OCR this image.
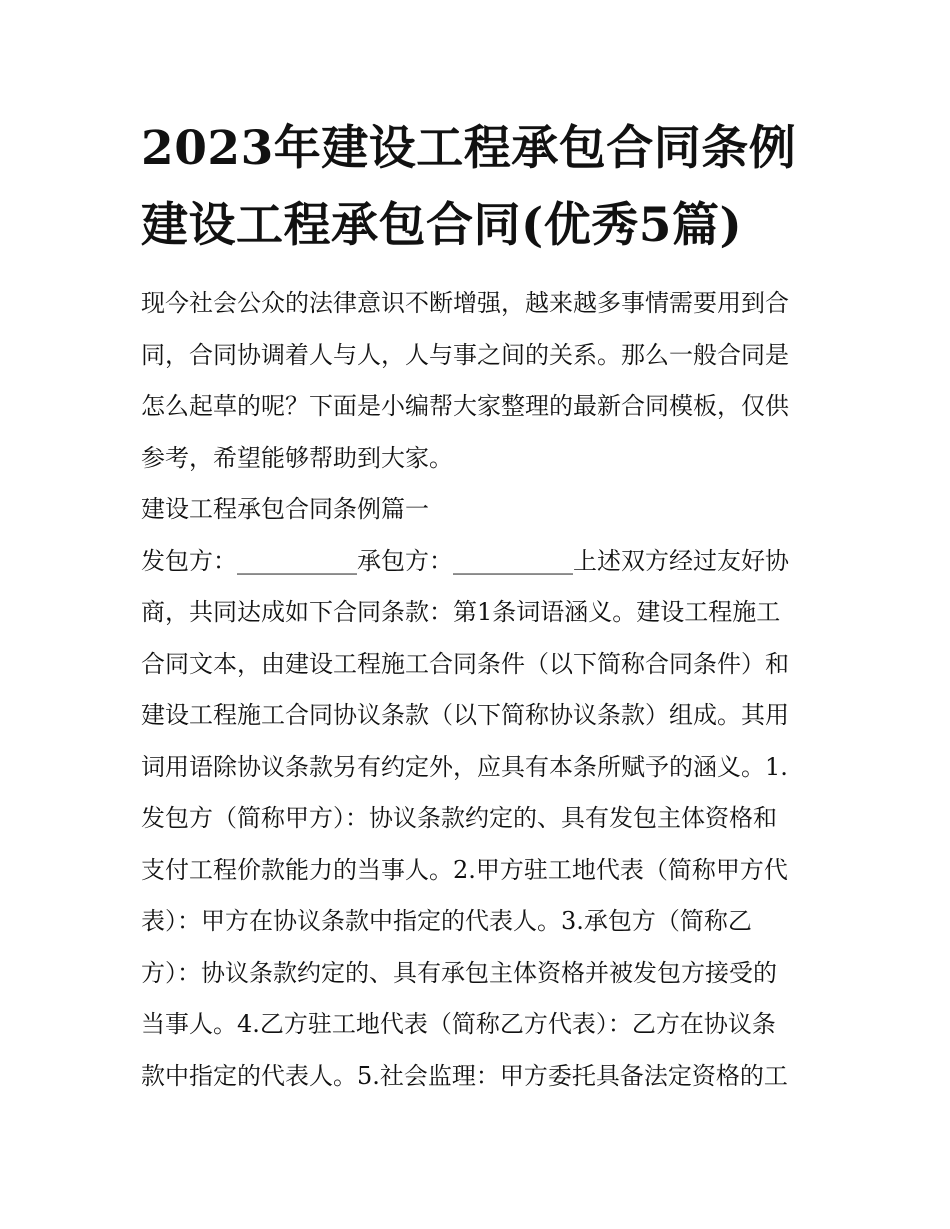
2023年建设工程承包合同条例
建设工程承包合同(优秀5篇)

现今社会公众的法律意识不断增强，越来越多事情需要用到合
同，合同协调着人与人，人与事之间的关系。那么一般合同是
怎么起草的呢？下面是小编帮大家整理的最新合同模板，仅供
参考，希望能够帮助到大家。

建设工程承包合同条例篇一

发包方：__________承包方：__________上述双方经过友好协
商，共同达成如下合同条款：第1条词语涵义。建设工程施工
合同文本，由建设工程施工合同条件（以下简称合同条件）和
建设工程施工合同协议条款（以下简称协议条款）组成。其用
词用语除协议条款另有约定外，应具有本条所赋予的涵义。1.
发包方（简称甲方）：协议条款约定的、具有发包主体资格和
支付工程价款能力的当事人。2.甲方驻工地代表（简称甲方代
表）：甲方在协议条款中指定的代表人。3.承包方（简称乙
方）：协议条款约定的、具有承包主体资格并被发包方接受的
当事人。4.乙方驻工地代表（简称乙方代表）：乙方在协议条
款中指定的代表人。5.社会监理：甲方委托具备法定资格的工
